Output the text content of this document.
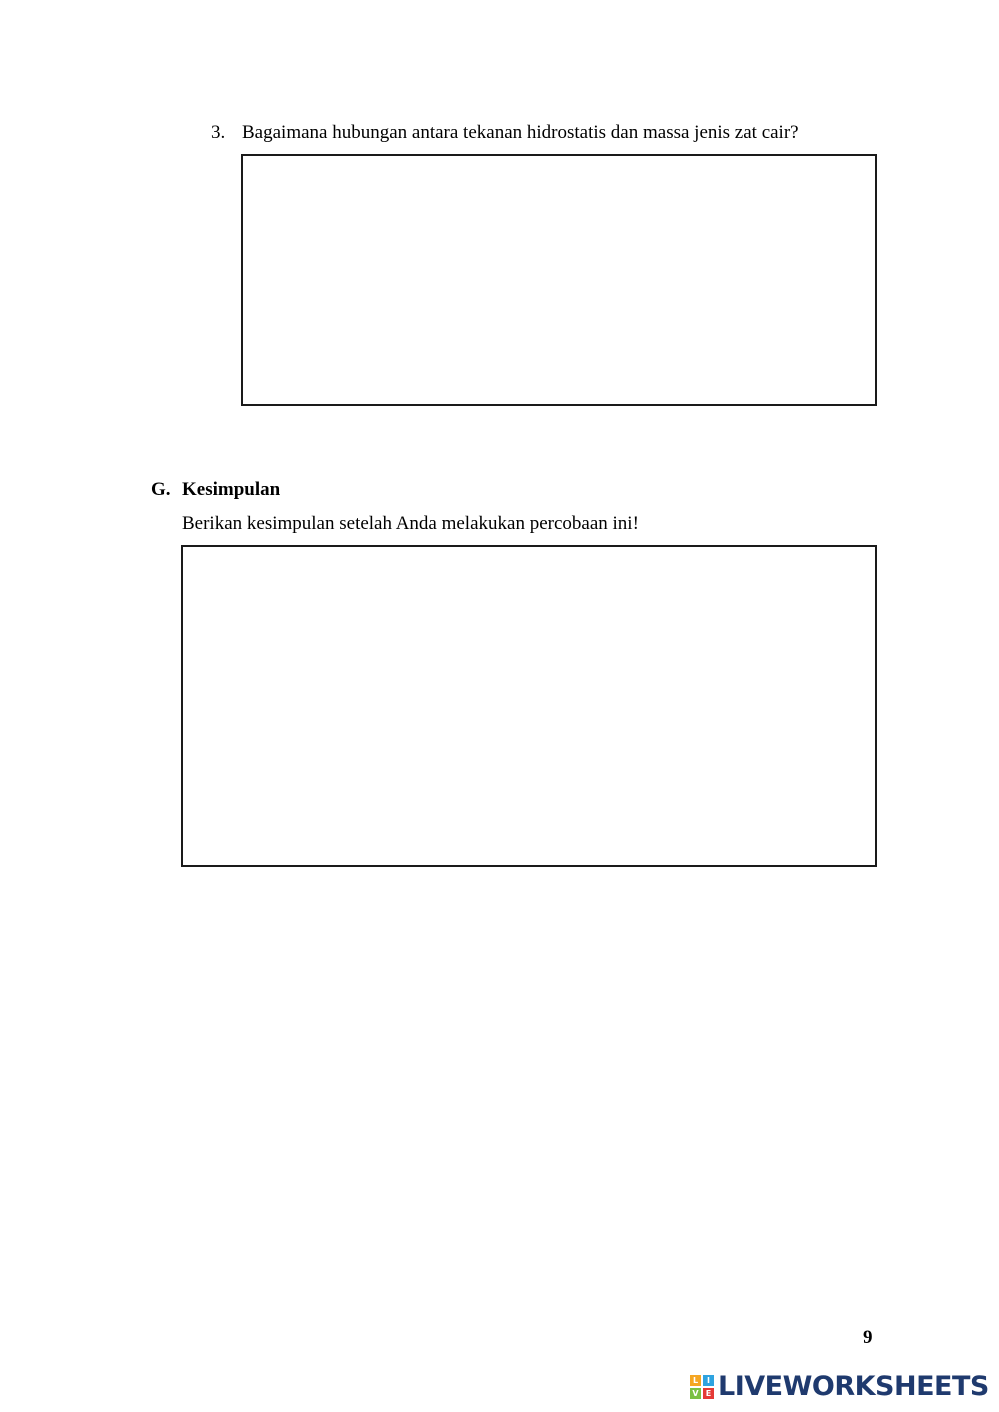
3. Bagaimana hubungan antara tekanan hidrostatis dan massa jenis zat cair?
G. Kesimpulan
Berikan kesimpulan setelah Anda melakukan percobaan ini!
9
L	I
V E LIVEWORKSHEETS
